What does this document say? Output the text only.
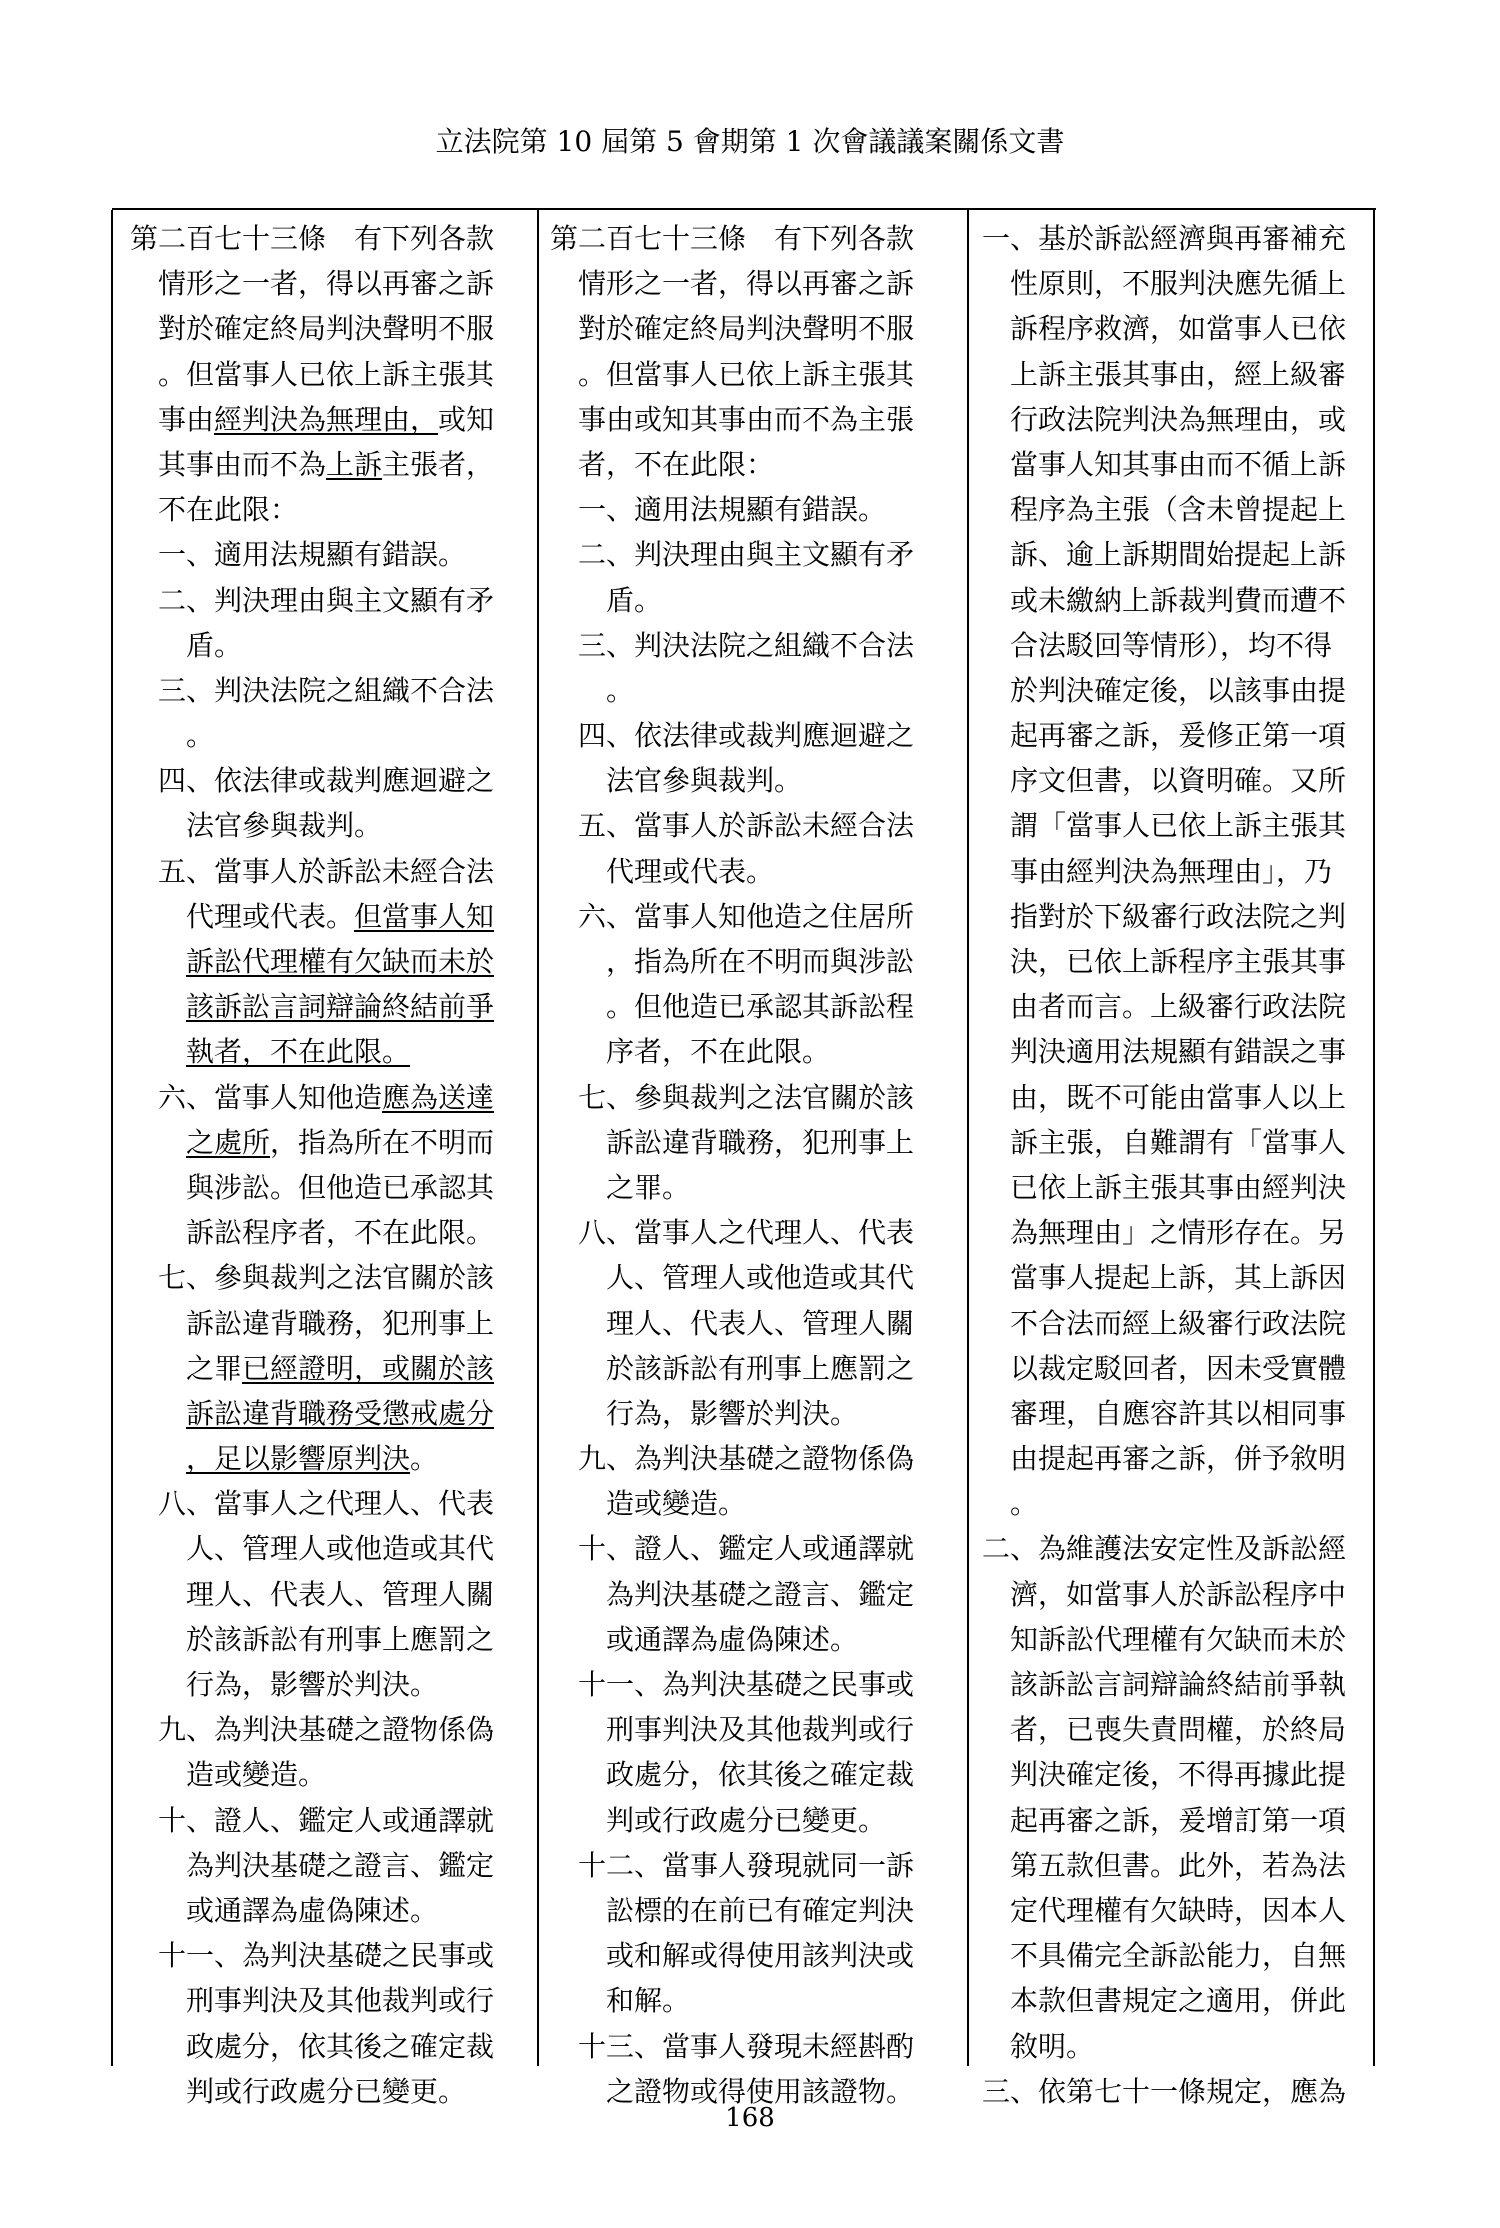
立法院第 10 屆第 5 會期第 1 次會議議案關係文書
第二百七十三條　有下列各款
情形之一者，得以再審之訴
對於確定終局判決聲明不服
。但當事人已依上訴主張其
事由經判決為無理由，或知
其事由而不為上訴主張者，
不在此限：
一、適用法規顯有錯誤。
二、判決理由與主文顯有矛
盾。
三、判決法院之組織不合法
。
四、依法律或裁判應迴避之
法官參與裁判。
五、當事人於訴訟未經合法
代理或代表。但當事人知
訴訟代理權有欠缺而未於
該訴訟言詞辯論終結前爭
執者，不在此限。
六、當事人知他造應為送達
之處所，指為所在不明而
與涉訟。但他造已承認其
訴訟程序者，不在此限。
七、參與裁判之法官關於該
訴訟違背職務，犯刑事上
之罪已經證明，或關於該
訴訟違背職務受懲戒處分
，足以影響原判決。
八、當事人之代理人、代表
人、管理人或他造或其代
理人、代表人、管理人關
於該訴訟有刑事上應罰之
行為，影響於判決。
九、為判決基礎之證物係偽
造或變造。
十、證人、鑑定人或通譯就
為判決基礎之證言、鑑定
或通譯為虛偽陳述。
十一、為判決基礎之民事或
刑事判決及其他裁判或行
政處分，依其後之確定裁
判或行政處分已變更。
第二百七十三條　有下列各款
情形之一者，得以再審之訴
對於確定終局判決聲明不服
。但當事人已依上訴主張其
事由或知其事由而不為主張
者，不在此限：
一、適用法規顯有錯誤。
二、判決理由與主文顯有矛
盾。
三、判決法院之組織不合法
。
四、依法律或裁判應迴避之
法官參與裁判。
五、當事人於訴訟未經合法
代理或代表。
六、當事人知他造之住居所
，指為所在不明而與涉訟
。但他造已承認其訴訟程
序者，不在此限。
七、參與裁判之法官關於該
訴訟違背職務，犯刑事上
之罪。
八、當事人之代理人、代表
人、管理人或他造或其代
理人、代表人、管理人關
於該訴訟有刑事上應罰之
行為，影響於判決。
九、為判決基礎之證物係偽
造或變造。
十、證人、鑑定人或通譯就
為判決基礎之證言、鑑定
或通譯為虛偽陳述。
十一、為判決基礎之民事或
刑事判決及其他裁判或行
政處分，依其後之確定裁
判或行政處分已變更。
十二、當事人發現就同一訴
訟標的在前已有確定判決
或和解或得使用該判決或
和解。
十三、當事人發現未經斟酌
之證物或得使用該證物。
一、基於訴訟經濟與再審補充
性原則，不服判決應先循上
訴程序救濟，如當事人已依
上訴主張其事由，經上級審
行政法院判決為無理由，或
當事人知其事由而不循上訴
程序為主張（含未曾提起上
訴、逾上訴期間始提起上訴
或未繳納上訴裁判費而遭不
合法駁回等情形），均不得
於判決確定後，以該事由提
起再審之訴，爰修正第一項
序文但書，以資明確。又所
謂「當事人已依上訴主張其
事由經判決為無理由」，乃
指對於下級審行政法院之判
決，已依上訴程序主張其事
由者而言。上級審行政法院
判決適用法規顯有錯誤之事
由，既不可能由當事人以上
訴主張，自難謂有「當事人
已依上訴主張其事由經判決
為無理由」之情形存在。另
當事人提起上訴，其上訴因
不合法而經上級審行政法院
以裁定駁回者，因未受實體
審理，自應容許其以相同事
由提起再審之訴，併予敘明
。
二、為維護法安定性及訴訟經
濟，如當事人於訴訟程序中
知訴訟代理權有欠缺而未於
該訴訟言詞辯論終結前爭執
者，已喪失責問權，於終局
判決確定後，不得再據此提
起再審之訴，爰增訂第一項
第五款但書。此外，若為法
定代理權有欠缺時，因本人
不具備完全訴訟能力，自無
本款但書規定之適用，併此
敘明。
三、依第七十一條規定，應為
168
